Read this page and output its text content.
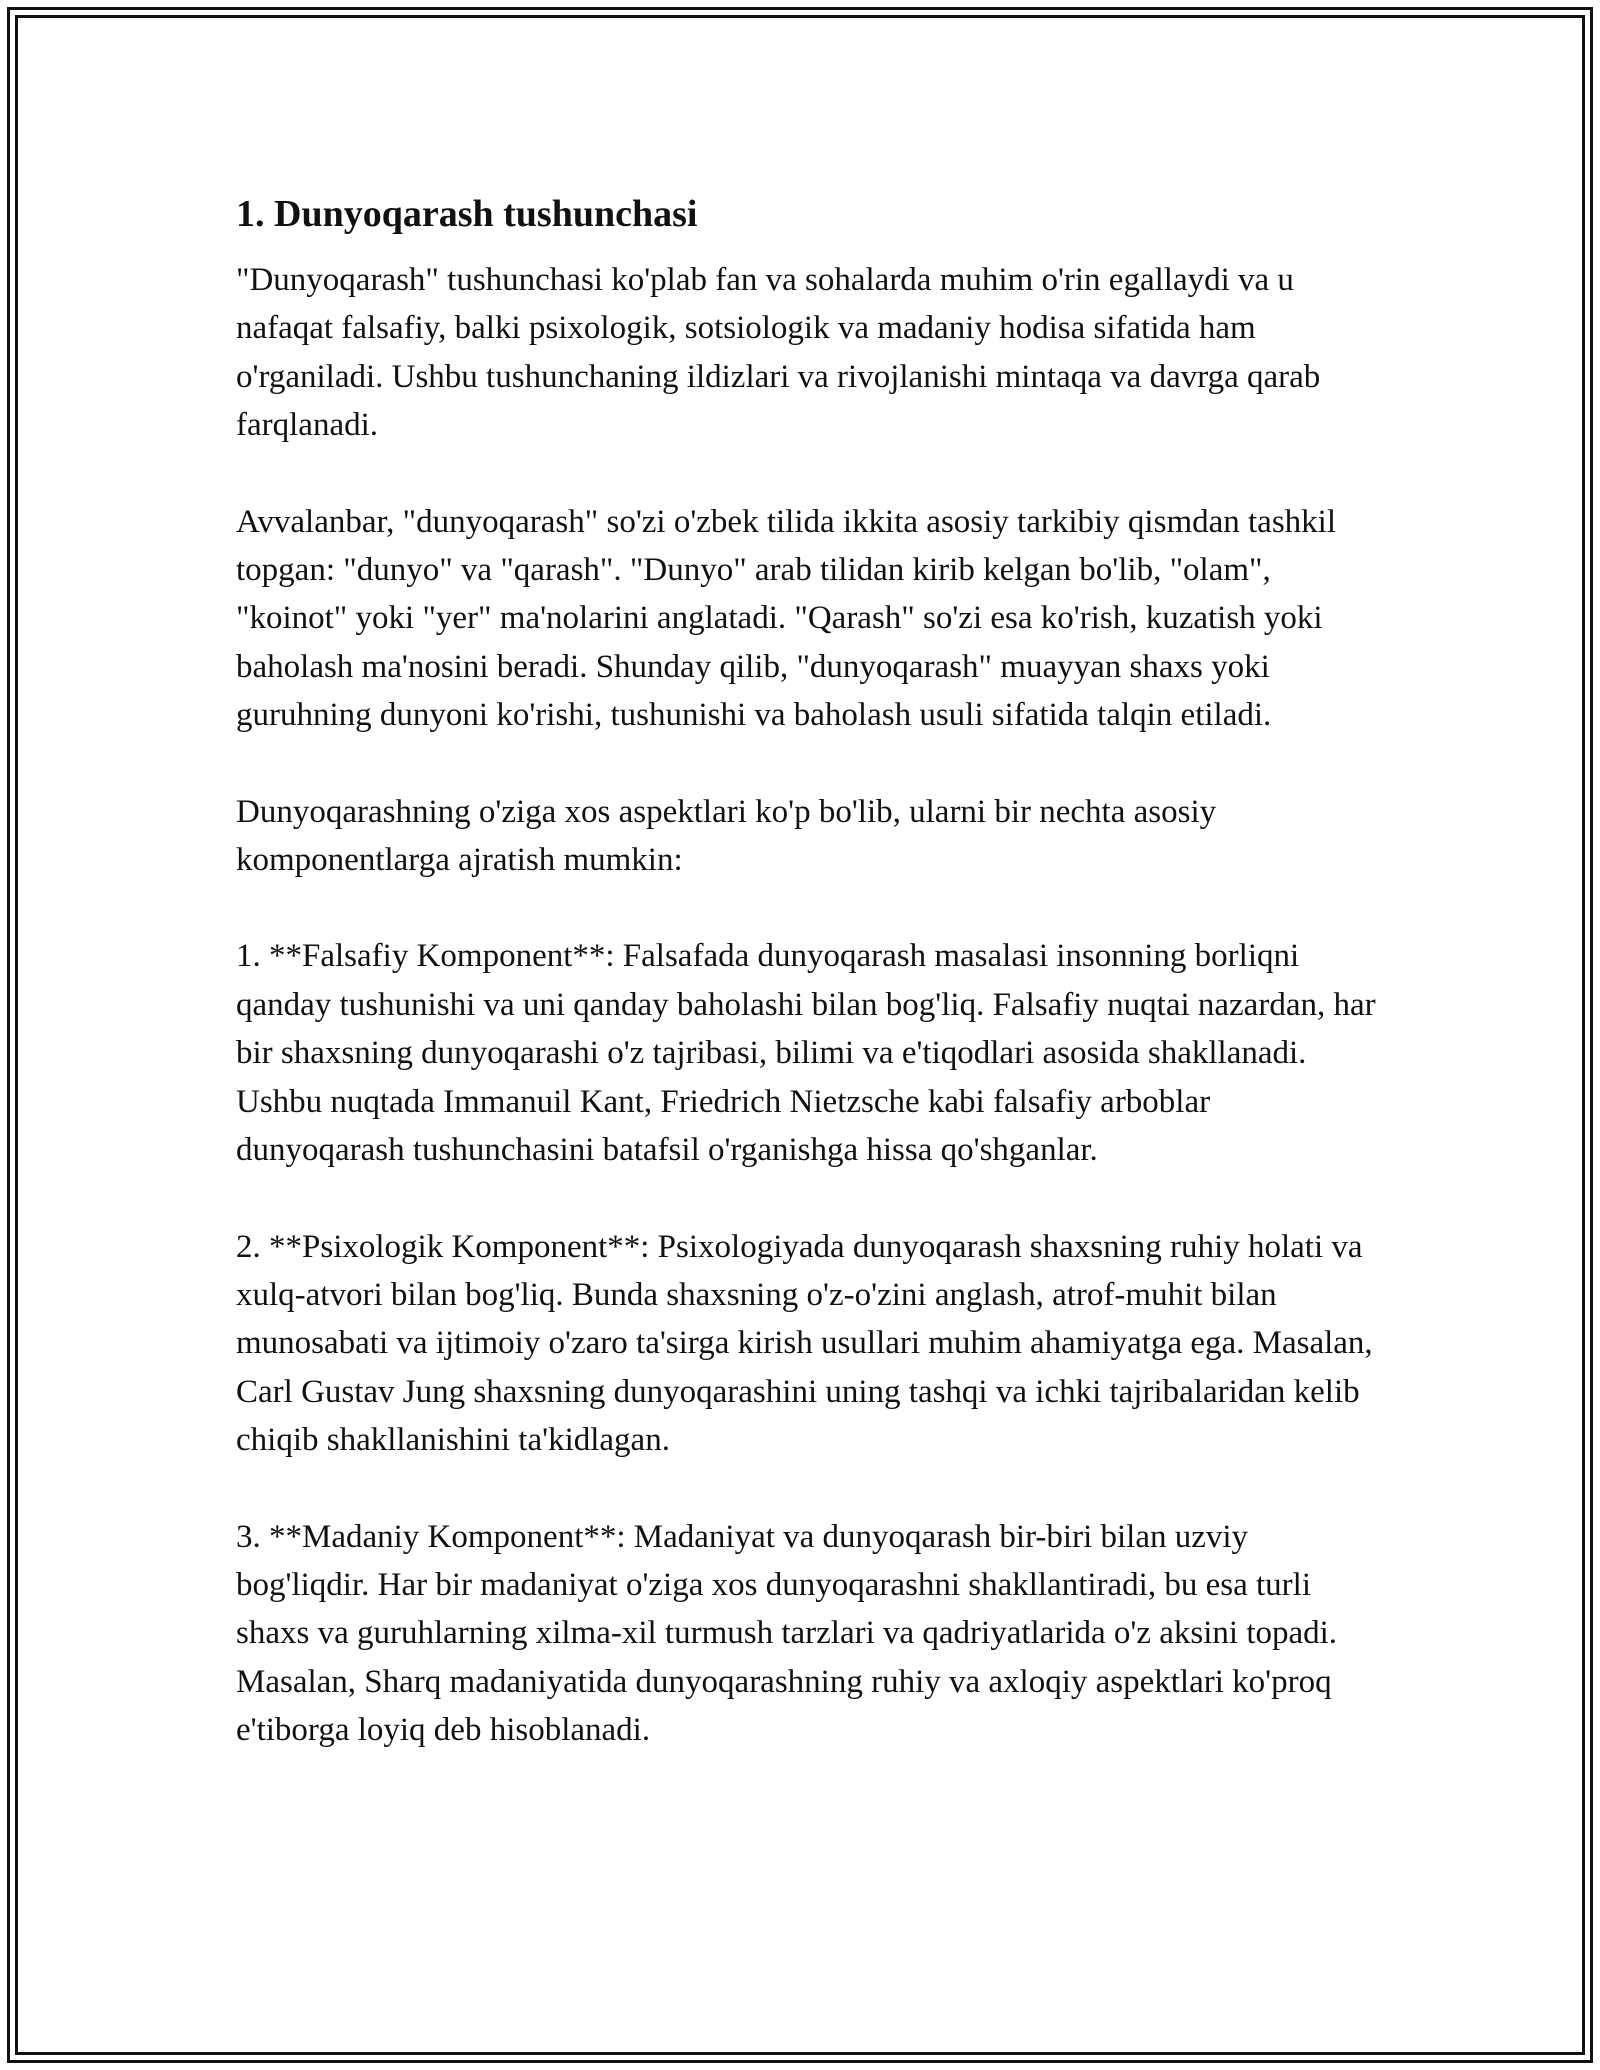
1. Dunyoqarash tushunchasi

"Dunyoqarash" tushunchasi ko'plab fan va sohalarda muhim o'rin egallaydi va u nafaqat falsafiy, balki psixologik, sotsiologik va madaniy hodisa sifatida ham o'rganiladi. Ushbu tushunchaning ildizlari va rivojlanishi mintaqa va davrga qarab farqlanadi.

Avvalanbar, "dunyoqarash" so'zi o'zbek tilida ikkita asosiy tarkibiy qismdan tashkil topgan: "dunyo" va "qarash". "Dunyo" arab tilidan kirib kelgan bo'lib, "olam", "koinot" yoki "yer" ma'nolarini anglatadi. "Qarash" so'zi esa ko'rish, kuzatish yoki baholash ma'nosini beradi. Shunday qilib, "dunyoqarash" muayyan shaxs yoki guruhning dunyoni ko'rishi, tushunishi va baholash usuli sifatida talqin etiladi.

Dunyoqarashning o'ziga xos aspektlari ko'p bo'lib, ularni bir nechta asosiy komponentlarga ajratish mumkin:

1. **Falsafiy Komponent**: Falsafada dunyoqarash masalasi insonning borliqni qanday tushunishi va uni qanday baholashi bilan bog'liq. Falsafiy nuqtai nazardan, har bir shaxsning dunyoqarashi o'z tajribasi, bilimi va e'tiqodlari asosida shakllanadi. Ushbu nuqtada Immanuil Kant, Friedrich Nietzsche kabi falsafiy arboblar dunyoqarash tushunchasini batafsil o'rganishga hissa qo'shganlar.

2. **Psixologik Komponent**: Psixologiyada dunyoqarash shaxsning ruhiy holati va xulq-atvori bilan bog'liq. Bunda shaxsning o'z-o'zini anglash, atrof-muhit bilan munosabati va ijtimoiy o'zaro ta'sirga kirish usullari muhim ahamiyatga ega. Masalan, Carl Gustav Jung shaxsning dunyoqarashini uning tashqi va ichki tajribalaridan kelib chiqib shakllanishini ta'kidlagan.

3. **Madaniy Komponent**: Madaniyat va dunyoqarash bir-biri bilan uzviy bog'liqdir. Har bir madaniyat o'ziga xos dunyoqarashni shakllantiradi, bu esa turli shaxs va guruhlarning xilma-xil turmush tarzlari va qadriyatlarida o'z aksini topadi. Masalan, Sharq madaniyatida dunyoqarashning ruhiy va axloqiy aspektlari ko'proq e'tiborga loyiq deb hisoblanadi.
